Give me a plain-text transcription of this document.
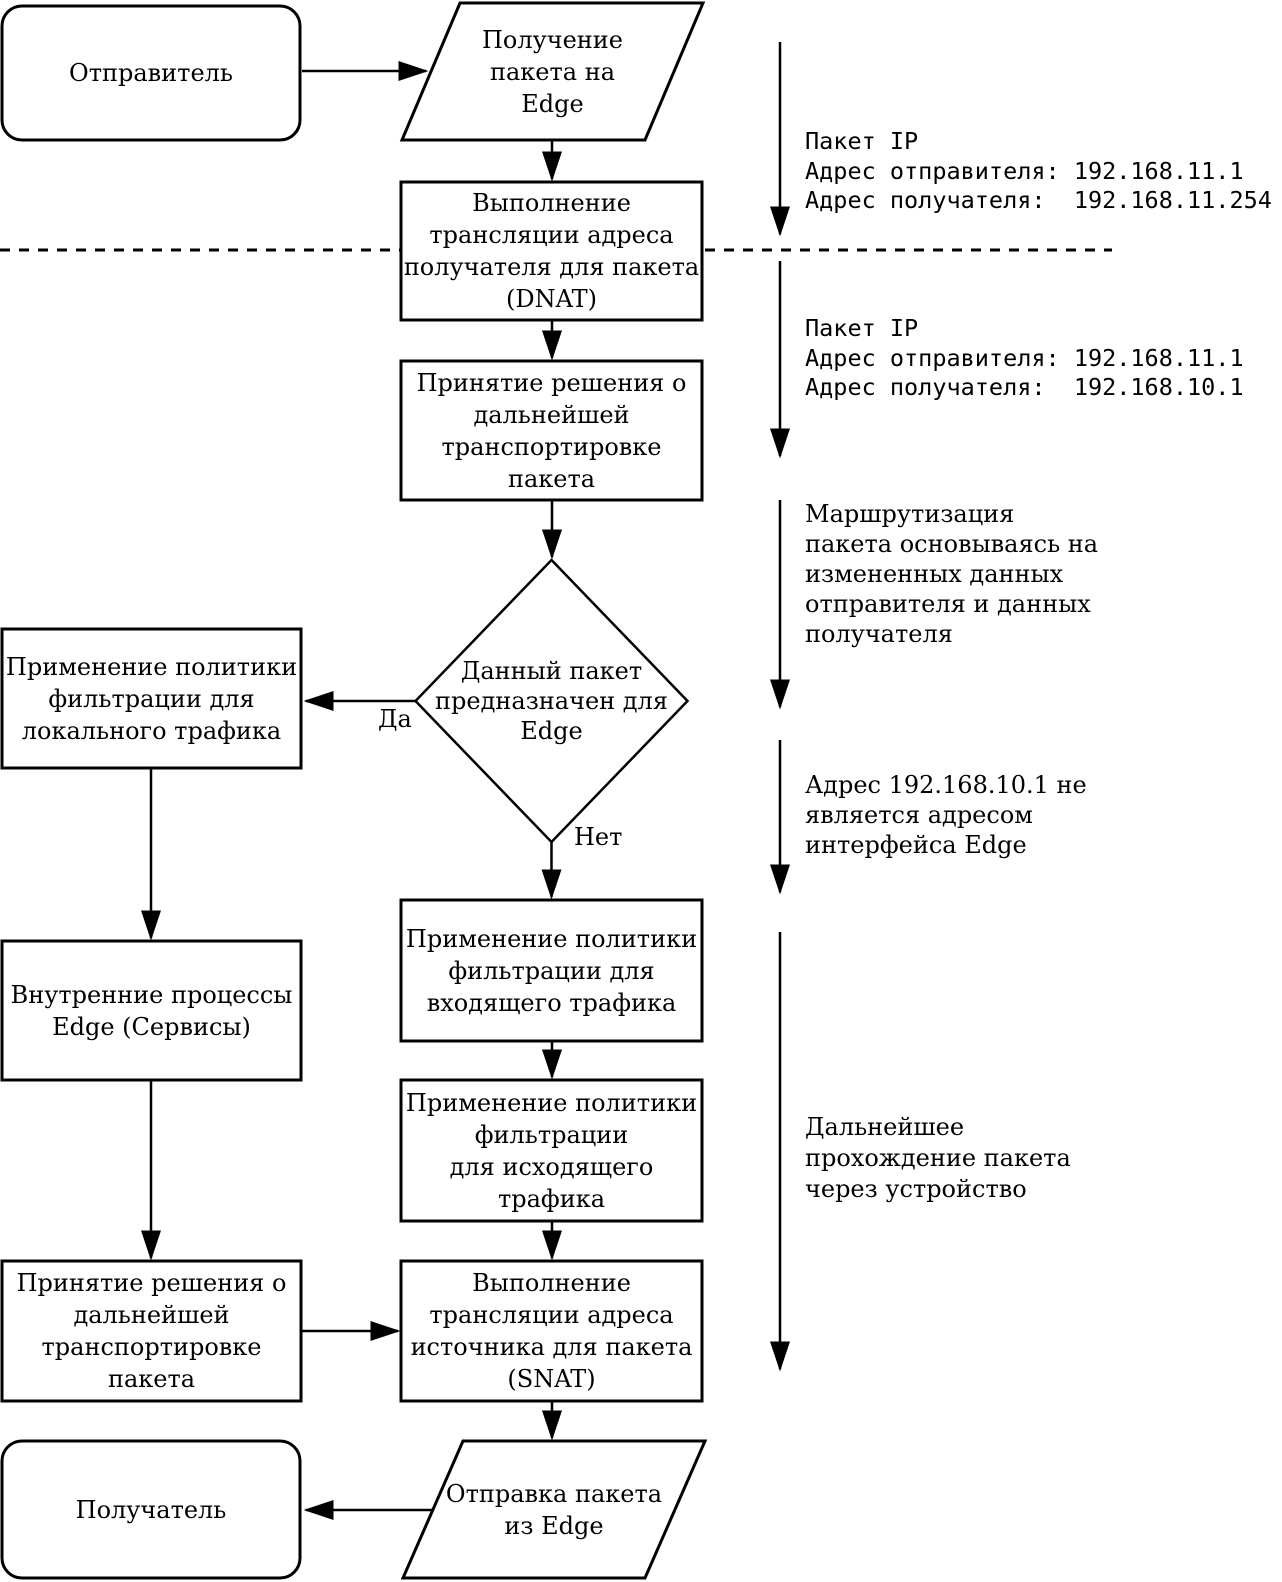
Отправитель
Получение
пакета на
Edge
Выполнение
трансляции адреса
получателя для пакета
(DNAT)
Принятие решения о
дальнейшей
транспортировке
пакета
Данный пакет
предназначен для
Edge
Применение политики
фильтрации для
локального трафика
Внутренние процессы
Edge (Сервисы)
Применение политики
фильтрации для
входящего трафика
Применение политики
фильтрации
для исходящего
трафика
Принятие решения о
дальнейшей
транспортировке
пакета
Выполнение
трансляции адреса
источника для пакета
(SNAT)
Получатель
Отправка пакета
из Edge
Да
Нет
Пакет IP
Адрес отправителя: 192.168.11.1
Адрес получателя:  192.168.11.254
Пакет IP
Адрес отправителя: 192.168.11.1
Адрес получателя:  192.168.10.1
Маршрутизация
пакета основываясь на
измененных данных
отправителя и данных
получателя
Адрес 192.168.10.1 не
является адресом
интерфейса Edge
Дальнейшее
прохождение пакета
через устройство
